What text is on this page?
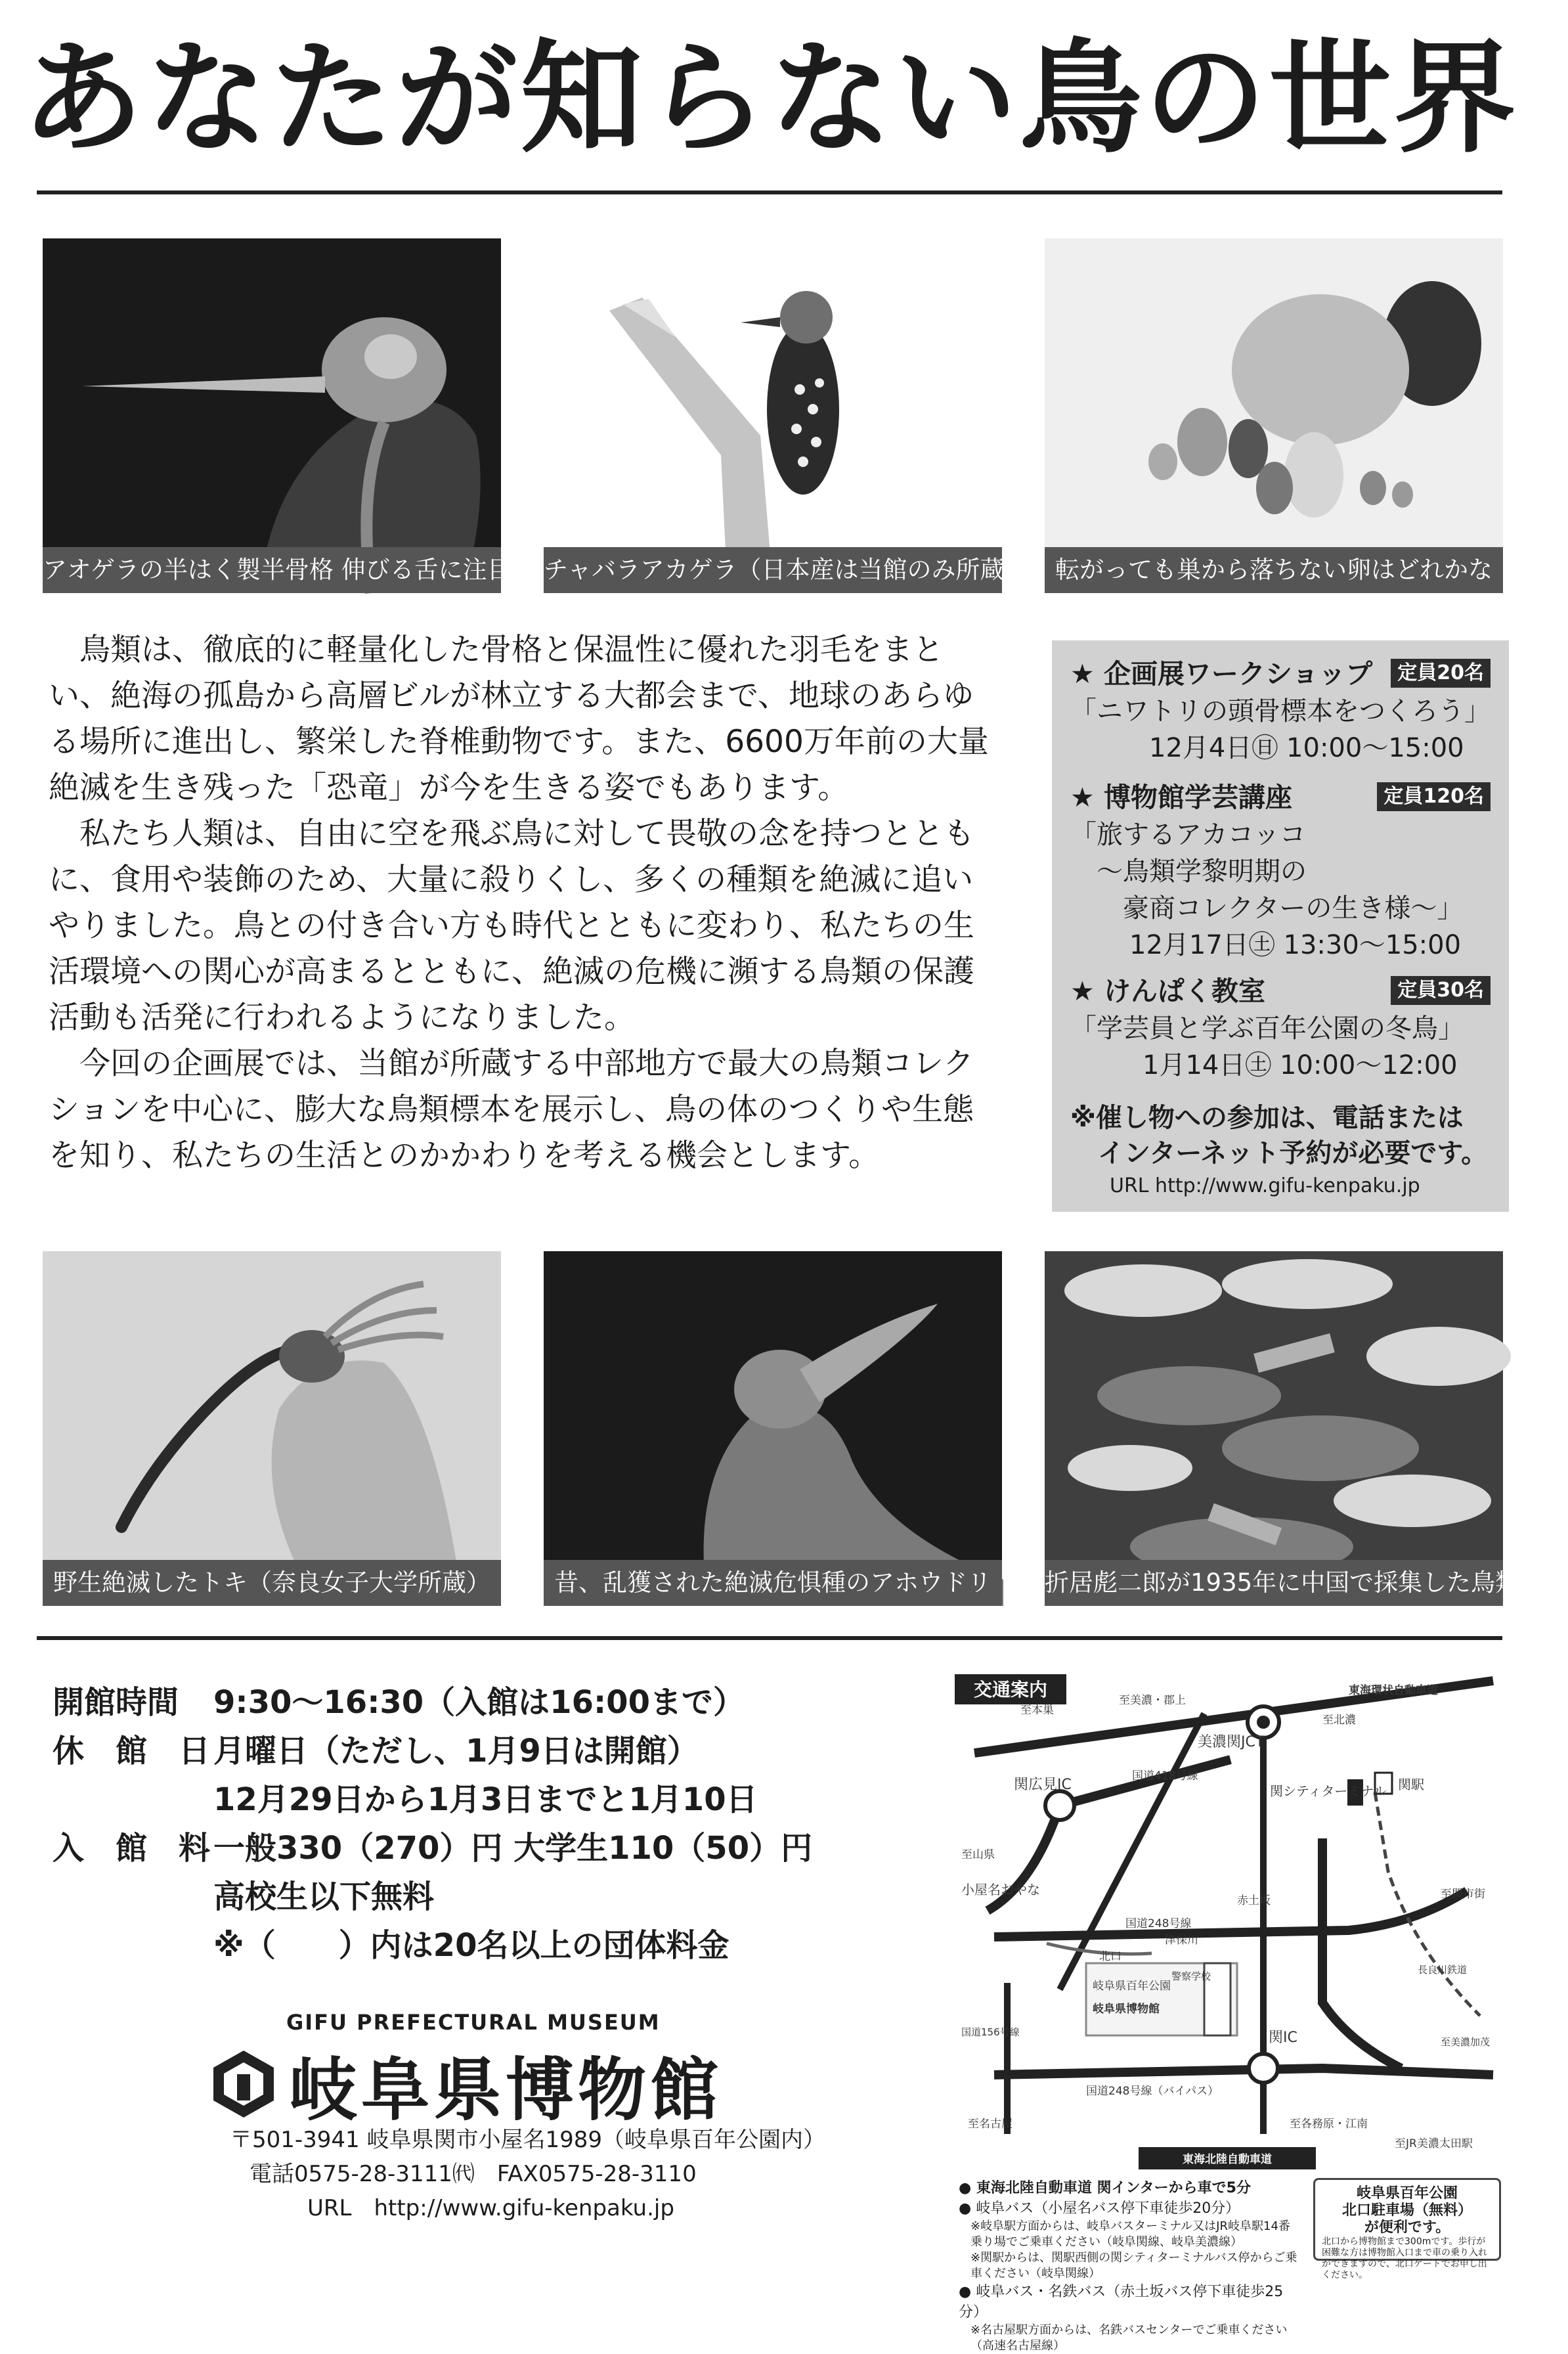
あなたが知らない鳥の世界
アオゲラの半はく製半骨格 伸びる舌に注目 チャバラアカゲラ（日本産は当館のみ所蔵）	転がっても巣から落ちない卵はどれかな

鳥類は、徹底的に軽量化した骨格と保温性に優れた羽毛をまとい、絶海の孤島から高層ビルが林立する大都会まで、地球のあらゆる場所に進出し、繁栄した脊椎動物です。また、6600万年前の大量絶滅を生き残った「恐竜」が今を生きる姿でもあります。

私たち人類は、自由に空を飛ぶ鳥に対して畏敬の念を持つとともに、食用や装飾のため、大量に殺りくし、多くの種類を絶滅に追いやりました。鳥との付き合い方も時代とともに変わり、私たちの生活環境への関心が高まるとともに、絶滅の危機に瀕する鳥類の保護活動も活発に行われるようになりました。

今回の企画展では、当館が所蔵する中部地方で最大の鳥類コレクションを中心に、膨大な鳥類標本を展示し、鳥の体のつくりや生態を知り、私たちの生活とのかかわりを考える機会とします。

★ 企画展ワークショップ	定員20名
「ニワトリの頭骨標本をつくろう」
12月4日㊐ 10:00〜15:00
★ 博物館学芸講座	定員120名
「旅するアカコッコ
　〜鳥類学黎明期の
　　豪商コレクターの生き様〜」
12月17日㊏ 13:30〜15:00
★ けんぱく教室	定員30名
「学芸員と学ぶ百年公園の冬鳥」
1月14日㊏ 10:00〜12:00
※催し物への参加は、電話または
インターネット予約が必要です。
URL http://www.gifu-kenpaku.jp
野生絶滅したトキ（奈良女子大学所蔵）	昔、乱獲された絶滅危惧種のアホウドリ	折居彪二郎が1935年に中国で採集した鳥類標本
開館時間 9:30〜16:30（入館は16:00まで）
休　館　日 月曜日（ただし、1月9日は開館）
12月29日から1月3日までと1月10日
入　館　料 一般330（270）円 大学生110（50）円
高校生以下無料
※（　　）内は20名以上の団体料金
GIFU PREFECTURAL MUSEUM
岐阜県博物館
〒501-3941 岐阜県関市小屋名1989（岐阜県百年公園内）
電話0575-28-3111㈹　FAX0575-28-3110
URL　http://www.gifu-kenpaku.jp
交通案内	東海環状自動車道
至本巣
至美濃・郡上
至北濃
美濃関JCT
関広見IC	関シティターミナル 関駅
国道418号線
赤土坂
国道248号線
至山県
小屋名おやな
津保川
北口
岐阜県百年公園
岐阜県博物館
警察学校
関IC
国道156号線
国道248号線（バイパス）
至名古屋	至各務原・江南
至JR美濃太田駅
至関市街
長良川鉄道
至美濃加茂
東海北陸自動車道
● 東海北陸自動車道 関インターから車で5分
● 岐阜バス（小屋名バス停下車徒歩20分）
※岐阜駅方面からは、岐阜バスターミナル又はJR岐阜駅14番乗り場でご乗車ください（岐阜関線、岐阜美濃線）
※関駅からは、関駅西側の関シティターミナルバス停からご乗車ください（岐阜関線）
● 岐阜バス・名鉄バス（赤土坂バス停下車徒歩25分）
※名古屋駅方面からは、名鉄バスセンターでご乗車ください（高速名古屋線）
岐阜県百年公園
北口駐車場（無料）
が便利です。
北口から博物館まで300mです。歩行が困難な方は博物館入口まで車の乗り入れができますので、北口ゲートでお申し出ください。
